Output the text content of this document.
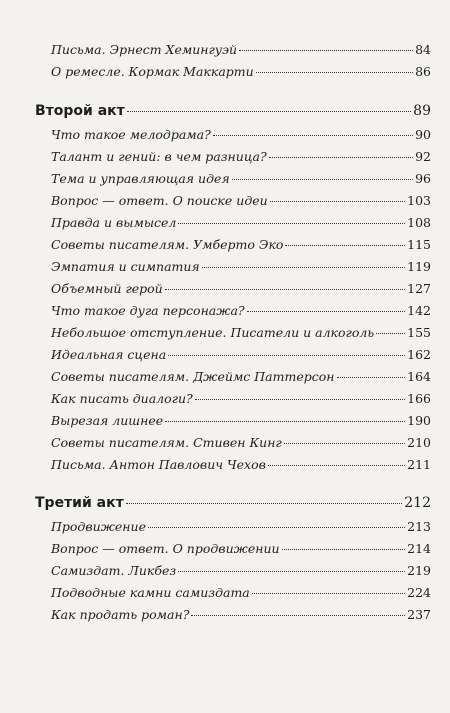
Письма. Эрнест Хемингуэй	84
О ремесле. Кормак Маккарти	86
Второй акт	89
Что такое мелодрама?	90
Талант и гений: в чем разница?	92
Тема и управляющая идея	96
Вопрос — ответ. О поиске идеи	103
Правда и вымысел	108
Советы писателям. Умберто Эко	115
Эмпатия и симпатия	119
Объемный герой	127
Что такое дуга персонажа?	142
Небольшое отступление. Писатели и алкоголь	155
Идеальная сцена	162
Советы писателям. Джеймс Паттерсон	164
Как писать диалоги?	166
Вырезая лишнее	190
Советы писателям. Стивен Кинг	210
Письма. Антон Павлович Чехов	211
Третий акт	212
Продвижение	213
Вопрос — ответ. О продвижении	214
Самиздат. Ликбез	219
Подводные камни самиздата	224
Как продать роман?	237
